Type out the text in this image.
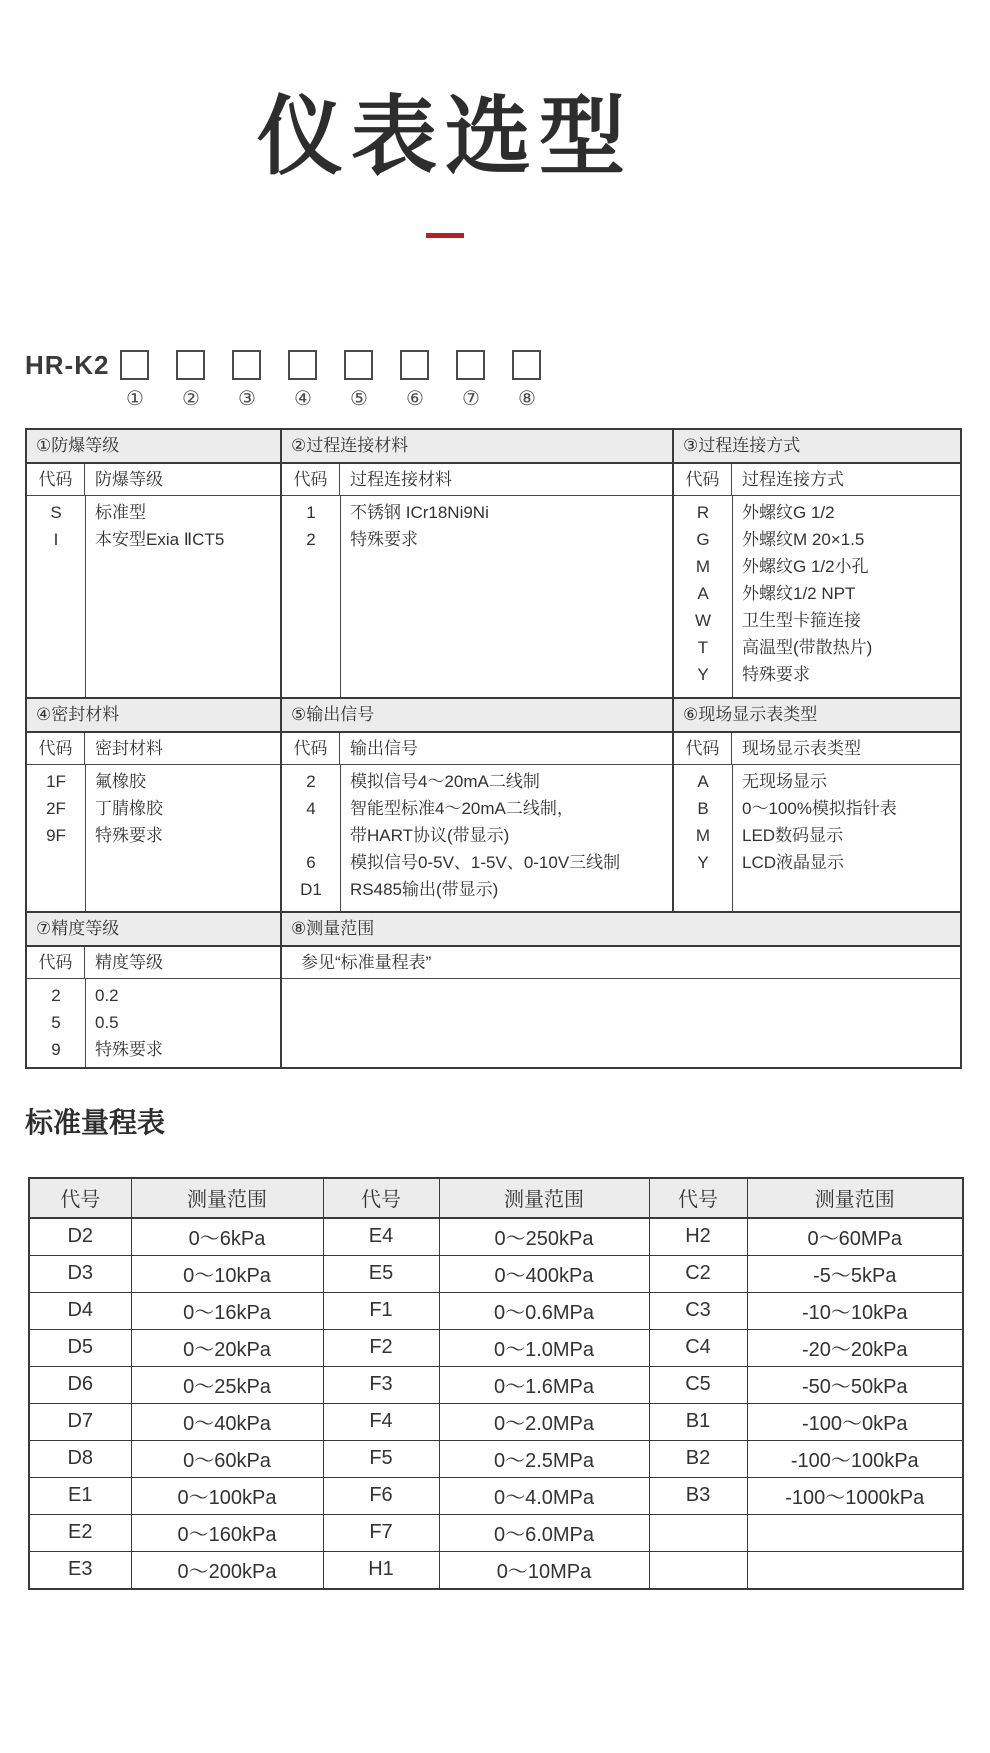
仪表选型
HR-K2
① ② ③ ④ ⑤ ⑥ ⑦ ⑧
①防爆等级
代码	防爆等级
S	标准型
I	本安型Exia ⅡCT5
②过程连接材料
代码	过程连接材料
1	不锈钢 ICr18Ni9Ni
2	特殊要求
③过程连接方式
代码	过程连接方式
R	外螺纹G 1/2
G	外螺纹M 20×1.5
M	外螺纹G 1/2小孔
A	外螺纹1/2 NPT
W	卫生型卡箍连接
T	高温型(带散热片)
Y	特殊要求
④密封材料
代码	密封材料
1F	氟橡胶
2F	丁腈橡胶
9F	特殊要求
⑤输出信号
代码	输出信号
2	模拟信号4～20mA二线制
4	智能型标准4～20mA二线制，
带HART协议(带显示)
6	模拟信号0-5V、1-5V、0-10V三线制
D1	RS485输出(带显示)
⑥现场显示表类型
代码	现场显示表类型
A	无现场显示
B	0～100%模拟指针表
M	LED数码显示
Y	LCD液晶显示
⑦精度等级
代码	精度等级
2	0.2
5	0.5
9	特殊要求
⑧测量范围
参见“标准量程表”
标准量程表
代号	测量范围	代号	测量范围	代号	测量范围
D2	0～6kPa	E4	0～250kPa	H2	0～60MPa
D3	0～10kPa	E5	0～400kPa	C2	-5～5kPa
D4	0～16kPa	F1	0～0.6MPa	C3	-10～10kPa
D5	0～20kPa	F2	0～1.0MPa	C4	-20～20kPa
D6	0～25kPa	F3	0～1.6MPa	C5	-50～50kPa
D7	0～40kPa	F4	0～2.0MPa	B1	-100～0kPa
D8	0～60kPa	F5	0～2.5MPa	B2	-100～100kPa
E1	0～100kPa	F6	0～4.0MPa	B3	-100～1000kPa
E2	0～160kPa	F7	0～6.0MPa		
E3	0～200kPa	H1	0～10MPa		
